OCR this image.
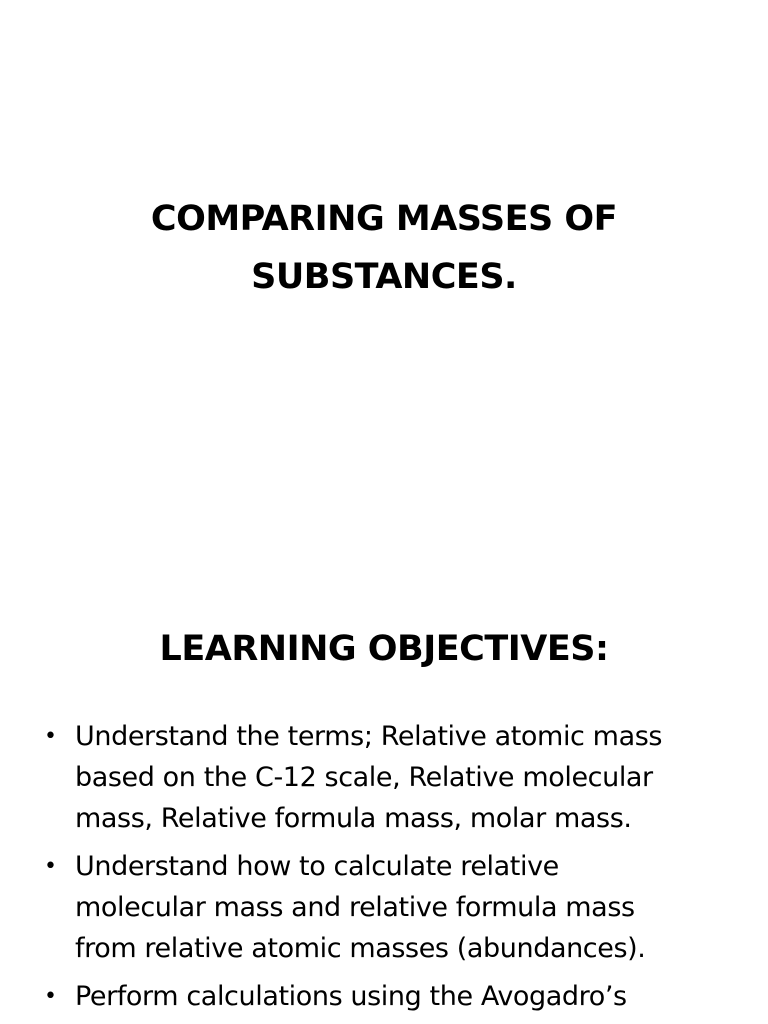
COMPARING MASSES OF
SUBSTANCES.
LEARNING OBJECTIVES:
• Understand the terms; Relative atomic mass
based on the C-12 scale, Relative molecular
mass, Relative formula mass, molar mass.
• Understand how to calculate relative
molecular mass and relative formula mass
from relative atomic masses (abundances).
• Perform calculations using the Avogadro’s
